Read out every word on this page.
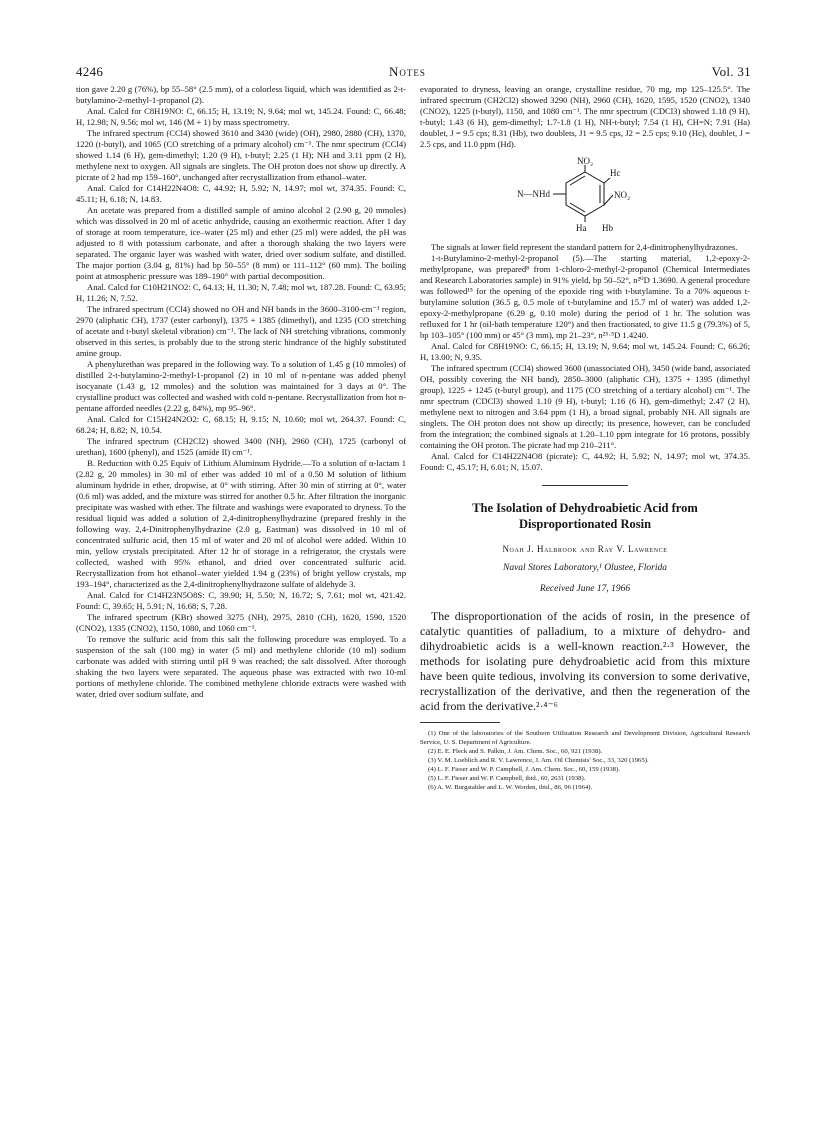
4246	Notes	Vol. 31

tion gave 2.20 g (76%), bp 55–58° (2.5 mm), of a colorless liquid, which was identified as 2-t-butylamino-2-methyl-1-propanol (2).

Anal. Calcd for C8H19NO: C, 66.15; H, 13.19; N, 9.64; mol wt, 145.24. Found: C, 66.48; H, 12.98; N, 9.56; mol wt, 146 (M + 1) by mass spectrometry.

The infrared spectrum (CCl4) showed 3610 and 3430 (wide) (OH), 2980, 2880 (CH), 1370, 1220 (t-butyl), and 1065 (CO stretching of a primary alcohol) cm⁻¹. The nmr spectrum (CCl4) showed 1.14 (6 H), gem-dimethyl; 1.20 (9 H), t-butyl; 2.25 (1 H); NH and 3.11 ppm (2 H), methylene next to oxygen. All signals are singlets. The OH proton does not show up directly. A picrate of 2 had mp 159–160°, unchanged after recrystallization from ethanol–water.

Anal. Calcd for C14H22N4O8: C, 44.92; H, 5.92; N, 14.97; mol wt, 374.35. Found: C, 45.11; H, 6.18; N, 14.83.

An acetate was prepared from a distilled sample of amino alcohol 2 (2.90 g, 20 mmoles) which was dissolved in 20 ml of acetic anhydride, causing an exothermic reaction. After 1 day of storage at room temperature, ice–water (25 ml) and ether (25 ml) were added, the pH was adjusted to 8 with potassium carbonate, and after a thorough shaking the two layers were separated. The organic layer was washed with water, dried over sodium sulfate, and distilled. The major portion (3.04 g, 81%) had bp 50–55° (8 mm) or 111–112° (60 mm). The boiling point at atmospheric pressure was 189–190° with partial decomposition.

Anal. Calcd for C10H21NO2: C, 64.13; H, 11.30; N, 7.48; mol wt, 187.28. Found: C, 63.95; H, 11.26; N, 7.52.

The infrared spectrum (CCl4) showed no OH and NH bands in the 3600–3100-cm⁻¹ region, 2970 (aliphatic CH), 1737 (ester carbonyl), 1375 + 1385 (dimethyl), and 1235 (CO stretching of acetate and t-butyl skeletal vibration) cm⁻¹. The lack of NH stretching vibrations, commonly observed in this series, is probably due to the strong steric hindrance of the highly substituted amine group.

A phenylurethan was prepared in the following way. To a solution of 1.45 g (10 mmoles) of distilled 2-t-butylamino-2-methyl-1-propanol (2) in 10 ml of n-pentane was added phenyl isocyanate (1.43 g, 12 mmoles) and the solution was maintained for 3 days at 0°. The crystalline product was collected and washed with cold n-pentane. Recrystallization from hot n-pentane afforded needles (2.22 g, 84%), mp 95–96°.

Anal. Calcd for C15H24N2O2: C, 68.15; H, 9.15; N, 10.60; mol wt, 264.37. Found: C, 68.24; H, 8.82; N, 10.54.

The infrared spectrum (CH2Cl2) showed 3400 (NH), 2960 (CH), 1725 (carbonyl of urethan), 1600 (phenyl), and 1525 (amide II) cm⁻¹.

B. Reduction with 0.25 Equiv of Lithium Aluminum Hydride.—To a solution of α-lactam 1 (2.82 g, 20 mmoles) in 30 ml of ether was added 10 ml of a 0.50 M solution of lithium aluminum hydride in ether, dropwise, at 0° with stirring. After 30 min of stirring at 0°, water (0.6 ml) was added, and the mixture was stirred for another 0.5 hr. After filtration the inorganic precipitate was washed with ether. The filtrate and washings were evaporated to dryness. To the residual liquid was added a solution of 2,4-dinitrophenylhydrazine (prepared freshly in the following way. 2,4-Dinitrophenylhydrazine (2.0 g, Eastman) was dissolved in 10 ml of concentrated sulfuric acid, then 15 ml of water and 20 ml of alcohol were added. Within 10 min, yellow crystals precipitated. After 12 hr of storage in a refrigerator, the crystals were collected, washed with 95% ethanol, and dried over concentrated sulfuric acid. Recrystallization from hot ethanol–water yielded 1.94 g (23%) of bright yellow crystals, mp 193–194°, characterized as the 2,4-dinitrophenylhydrazone sulfate of aldehyde 3.

Anal. Calcd for C14H23N5O8S: C, 39.90; H, 5.50; N, 16.72; S, 7.61; mol wt, 421.42. Found: C, 39.65; H, 5.91; N, 16.68; S, 7.28.

The infrared spectrum (KBr) showed 3275 (NH), 2975, 2810 (CH), 1620, 1590, 1520 (CNO2), 1335 (CNO2), 1150, 1080, and 1060 cm⁻¹.

To remove the sulfuric acid from this salt the following procedure was employed. To a suspension of the salt (100 mg) in water (5 ml) and methylene chloride (10 ml) sodium carbonate was added with stirring until pH 9 was reached; the salt dissolved. After thorough shaking the two layers were separated. The aqueous phase was extracted with two 10-ml portions of methylene chloride. The combined methylene chloride extracts were washed with water, dried over sodium sulfate, and

evaporated to dryness, leaving an orange, crystalline residue, 70 mg, mp 125–125.5°. The infrared spectrum (CH2Cl2) showed 3290 (NH), 2960 (CH), 1620, 1595, 1520 (CNO2), 1340 (CNO2), 1225 (t-butyl), 1150, and 1080 cm⁻¹. The nmr spectrum (CDCl3) showed 1.18 (9 H), t-butyl; 1.43 (6 H), gem-dimethyl; 1.7-1.8 (1 H), NH-t-butyl; 7.54 (1 H), CH=N; 7.91 (Ha) doublet, J = 9.5 cps; 8.31 (Hb), two doublets, J1 = 9.5 cps, J2 = 2.5 cps; 9.10 (Hc), doublet, J = 2.5 cps, and 11.0 ppm (Hd).

NO₂
Hc
N—NHd	NO₂
Ha Hb

The signals at lower field represent the standard pattern for 2,4-dinitrophenylhydrazones.

1-t-Butylamino-2-methyl-2-propanol (5).—The starting material, 1,2-epoxy-2-methylpropane, was prepared⁸ from 1-chloro-2-methyl-2-propanol (Chemical Intermediates and Research Laboratories sample) in 91% yield, bp 50–52°, n²⁰D 1.3690. A general procedure was followed¹⁵ for the opening of the epoxide ring with t-butylamine. To a 70% aqueous t-butylamine solution (36.5 g, 0.5 mole of t-butylamine and 15.7 ml of water) was added 1,2-epoxy-2-methylpropane (6.29 g, 0.10 mole) during the period of 1 hr. The solution was refluxed for 1 hr (oil-bath temperature 120°) and then fractionated, to give 11.5 g (79.3%) of 5, bp 103–105° (100 mm) or 45° (3 mm), mp 21–23°, n²⁵·⁵D 1.4240.

Anal. Calcd for C8H19NO: C, 66.15; H, 13.19; N, 9.64; mol wt, 145.24. Found: C, 66.26; H, 13.00; N, 9.35.

The infrared spectrum (CCl4) showed 3600 (unassociated OH), 3450 (wide band, associated OH, possibly covering the NH band), 2850–3000 (aliphatic CH), 1375 + 1395 (dimethyl group), 1225 + 1245 (t-butyl group), and 1175 (CO stretching of a tertiary alcohol) cm⁻¹. The nmr spectrum (CDCl3) showed 1.10 (9 H), t-butyl; 1.16 (6 H), gem-dimethyl; 2.47 (2 H), methylene next to nitrogen and 3.64 ppm (1 H), a broad signal, probably NH. All signals are singlets. The OH proton does not show up directly; its presence, however, can be concluded from the integration; the combined signals at 1.20–1.10 ppm integrate for 16 protons, possibly containing the OH proton. The picrate had mp 210–211°.

Anal. Calcd for C14H22N4O8 (picrate): C, 44.92; H, 5.92; N, 14.97; mol wt, 374.35. Found: C, 45.17; H, 6.01; N, 15.07.

The Isolation of Dehydroabietic Acid from Disproportionated Rosin
Noah J. Halbrook and Ray V. Lawrence
Naval Stores Laboratory,¹ Olustee, Florida
Received June 17, 1966

The disproportionation of the acids of rosin, in the presence of catalytic quantities of palladium, to a mixture of dehydro- and dihydroabietic acids is a well-known reaction.²·³ However, the methods for isolating pure dehydroabietic acid from this mixture have been quite tedious, involving its conversion to some derivative, recrystallization of the derivative, and then the regeneration of the acid from the derivative.²·⁴⁻⁶

(1) One of the laboratories of the Southern Utilization Research and Development Division, Agricultural Research Service, U. S. Department of Agriculture.
(2) E. E. Fleck and S. Palkin, J. Am. Chem. Soc., 60, 921 (1938).
(3) V. M. Loeblich and R. V. Lawrence, J. Am. Oil Chemists' Soc., 33, 320 (1965).
(4) L. F. Fieser and W. P. Campbell, J. Am. Chem. Soc., 60, 159 (1938).
(5) L. F. Fieser and W. P. Campbell, ibid., 60, 2631 (1938).
(6) A. W. Burgstahler and L. W. Worden, ibid., 86, 96 (1964).
